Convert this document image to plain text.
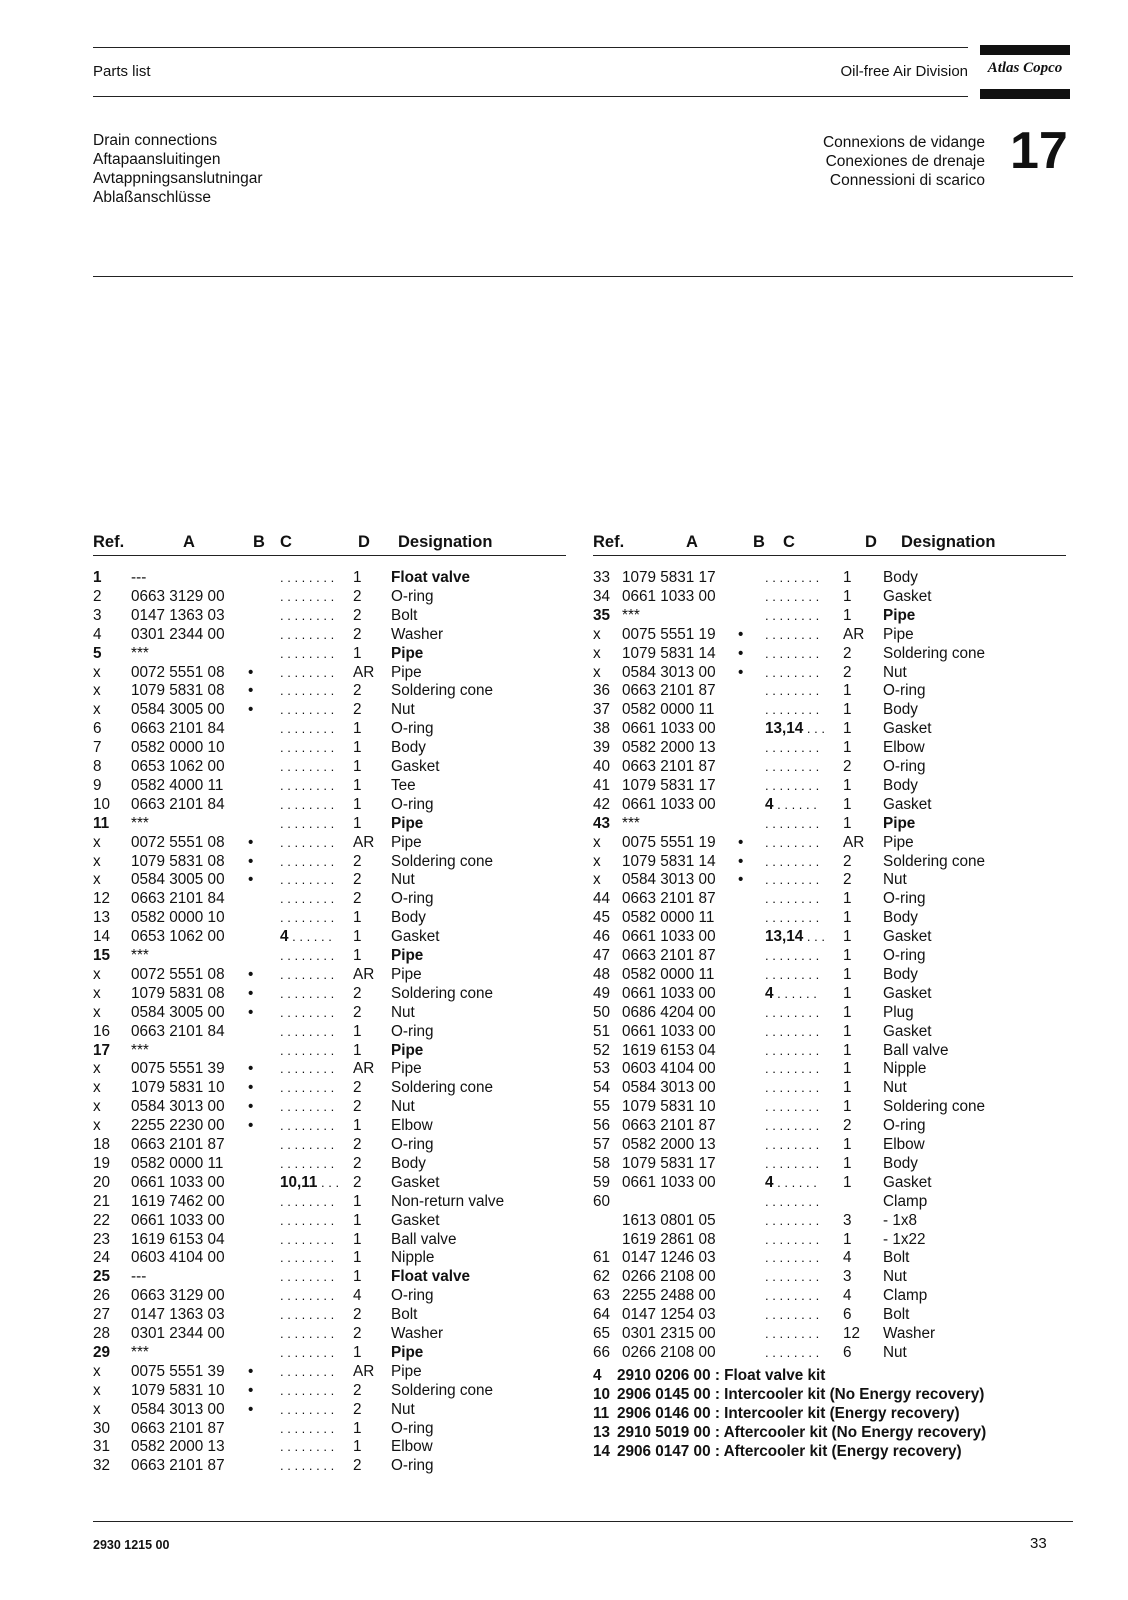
Parts list	Oil-free Air Division	Atlas Copco
Drain connections
Aftapaansluitingen
Avtappningsanslutningar
Ablaßanschlüsse
Connexions de vidange
Conexiones de drenaje
Connessioni di scarico
17
Ref.	A	B C	D Designation
1 ---	. . . . . . . . 1 Float valve
2 0663 3129 00	. . . . . . . . 2 O-ring
3 0147 1363 03	. . . . . . . . 2 Bolt
4 0301 2344 00	. . . . . . . . 2 Washer
5 ***	. . . . . . . . 1 Pipe
x 0072 5551 08 • . . . . . . . . AR Pipe
x 1079 5831 08 • . . . . . . . . 2 Soldering cone
x 0584 3005 00 • . . . . . . . . 2 Nut
6 0663 2101 84	. . . . . . . . 1 O-ring
7 0582 0000 10	. . . . . . . . 1 Body
8 0653 1062 00	. . . . . . . . 1 Gasket
9 0582 4000 11	. . . . . . . . 1 Tee
10 0663 2101 84	. . . . . . . . 1 O-ring
11 ***	. . . . . . . . 1 Pipe
x 0072 5551 08 • . . . . . . . . AR Pipe
x 1079 5831 08 • . . . . . . . . 2 Soldering cone
x 0584 3005 00 • . . . . . . . . 2 Nut
12 0663 2101 84	. . . . . . . . 2 O-ring
13 0582 0000 10	. . . . . . . . 1 Body
14 0653 1062 00	4 . . . . . . 1 Gasket
15 ***	. . . . . . . . 1 Pipe
x 0072 5551 08 • . . . . . . . . AR Pipe
x 1079 5831 08 • . . . . . . . . 2 Soldering cone
x 0584 3005 00 • . . . . . . . . 2 Nut
16 0663 2101 84	. . . . . . . . 1 O-ring
17 ***	. . . . . . . . 1 Pipe
x 0075 5551 39 • . . . . . . . . AR Pipe
x 1079 5831 10 • . . . . . . . . 2 Soldering cone
x 0584 3013 00 • . . . . . . . . 2 Nut
x 2255 2230 00 • . . . . . . . . 1 Elbow
18 0663 2101 87	. . . . . . . . 2 O-ring
19 0582 0000 11	. . . . . . . . 2 Body
20 0661 1033 00	10,11 . . . 2 Gasket
21 1619 7462 00	. . . . . . . . 1 Non-return valve
22 0661 1033 00	. . . . . . . . 1 Gasket
23 1619 6153 04	. . . . . . . . 1 Ball valve
24 0603 4104 00	. . . . . . . . 1 Nipple
25 ---	. . . . . . . . 1 Float valve
26 0663 3129 00	. . . . . . . . 4 O-ring
27 0147 1363 03	. . . . . . . . 2 Bolt
28 0301 2344 00	. . . . . . . . 2 Washer
29 ***	. . . . . . . . 1 Pipe
x 0075 5551 39 • . . . . . . . . AR Pipe
x 1079 5831 10 • . . . . . . . . 2 Soldering cone
x 0584 3013 00 • . . . . . . . . 2 Nut
30 0663 2101 87	. . . . . . . . 1 O-ring
31 0582 2000 13	. . . . . . . . 1 Elbow
32 0663 2101 87	. . . . . . . . 2 O-ring
Ref.	A	B C	D Designation
33 1079 5831 17	. . . . . . . . 1 Body
34 0661 1033 00	. . . . . . . . 1 Gasket
35 ***	. . . . . . . . 1 Pipe
x 0075 5551 19 • . . . . . . . . AR Pipe
x 1079 5831 14 • . . . . . . . . 2 Soldering cone
x 0584 3013 00 • . . . . . . . . 2 Nut
36 0663 2101 87	. . . . . . . . 1 O-ring
37 0582 0000 11	. . . . . . . . 1 Body
38 0661 1033 00	13,14 . . . 1 Gasket
39 0582 2000 13	. . . . . . . . 1 Elbow
40 0663 2101 87	. . . . . . . . 2 O-ring
41 1079 5831 17	. . . . . . . . 1 Body
42 0661 1033 00	4 . . . . . . 1 Gasket
43 ***	. . . . . . . . 1 Pipe
x 0075 5551 19 • . . . . . . . . AR Pipe
x 1079 5831 14 • . . . . . . . . 2 Soldering cone
x 0584 3013 00 • . . . . . . . . 2 Nut
44 0663 2101 87	. . . . . . . . 1 O-ring
45 0582 0000 11	. . . . . . . . 1 Body
46 0661 1033 00	13,14 . . . 1 Gasket
47 0663 2101 87	. . . . . . . . 1 O-ring
48 0582 0000 11	. . . . . . . . 1 Body
49 0661 1033 00	4 . . . . . . 1 Gasket
50 0686 4204 00	. . . . . . . . 1 Plug
51 0661 1033 00	. . . . . . . . 1 Gasket
52 1619 6153 04	. . . . . . . . 1 Ball valve
53 0603 4104 00	. . . . . . . . 1 Nipple
54 0584 3013 00	. . . . . . . . 1 Nut
55 1079 5831 10	. . . . . . . . 1 Soldering cone
56 0663 2101 87	. . . . . . . . 2 O-ring
57 0582 2000 13	. . . . . . . . 1 Elbow
58 1079 5831 17	. . . . . . . . 1 Body
59 0661 1033 00	4 . . . . . . 1 Gasket
60	. . . . . . . .	Clamp
1613 0801 05	. . . . . . . . 3 - 1x8
1619 2861 08	. . . . . . . . 1 - 1x22
61 0147 1246 03	. . . . . . . . 4 Bolt
62 0266 2108 00	. . . . . . . . 3 Nut
63 2255 2488 00	. . . . . . . . 4 Clamp
64 0147 1254 03	. . . . . . . . 6 Bolt
65 0301 2315 00	. . . . . . . . 12 Washer
66 0266 2108 00	. . . . . . . . 6 Nut
4 2910 0206 00 : Float valve kit
10 2906 0145 00 : Intercooler kit (No Energy recovery)
11 2906 0146 00 : Intercooler kit (Energy recovery)
13 2910 5019 00 : Aftercooler kit (No Energy recovery)
14 2906 0147 00 : Aftercooler kit (Energy recovery)
2930 1215 00	33
